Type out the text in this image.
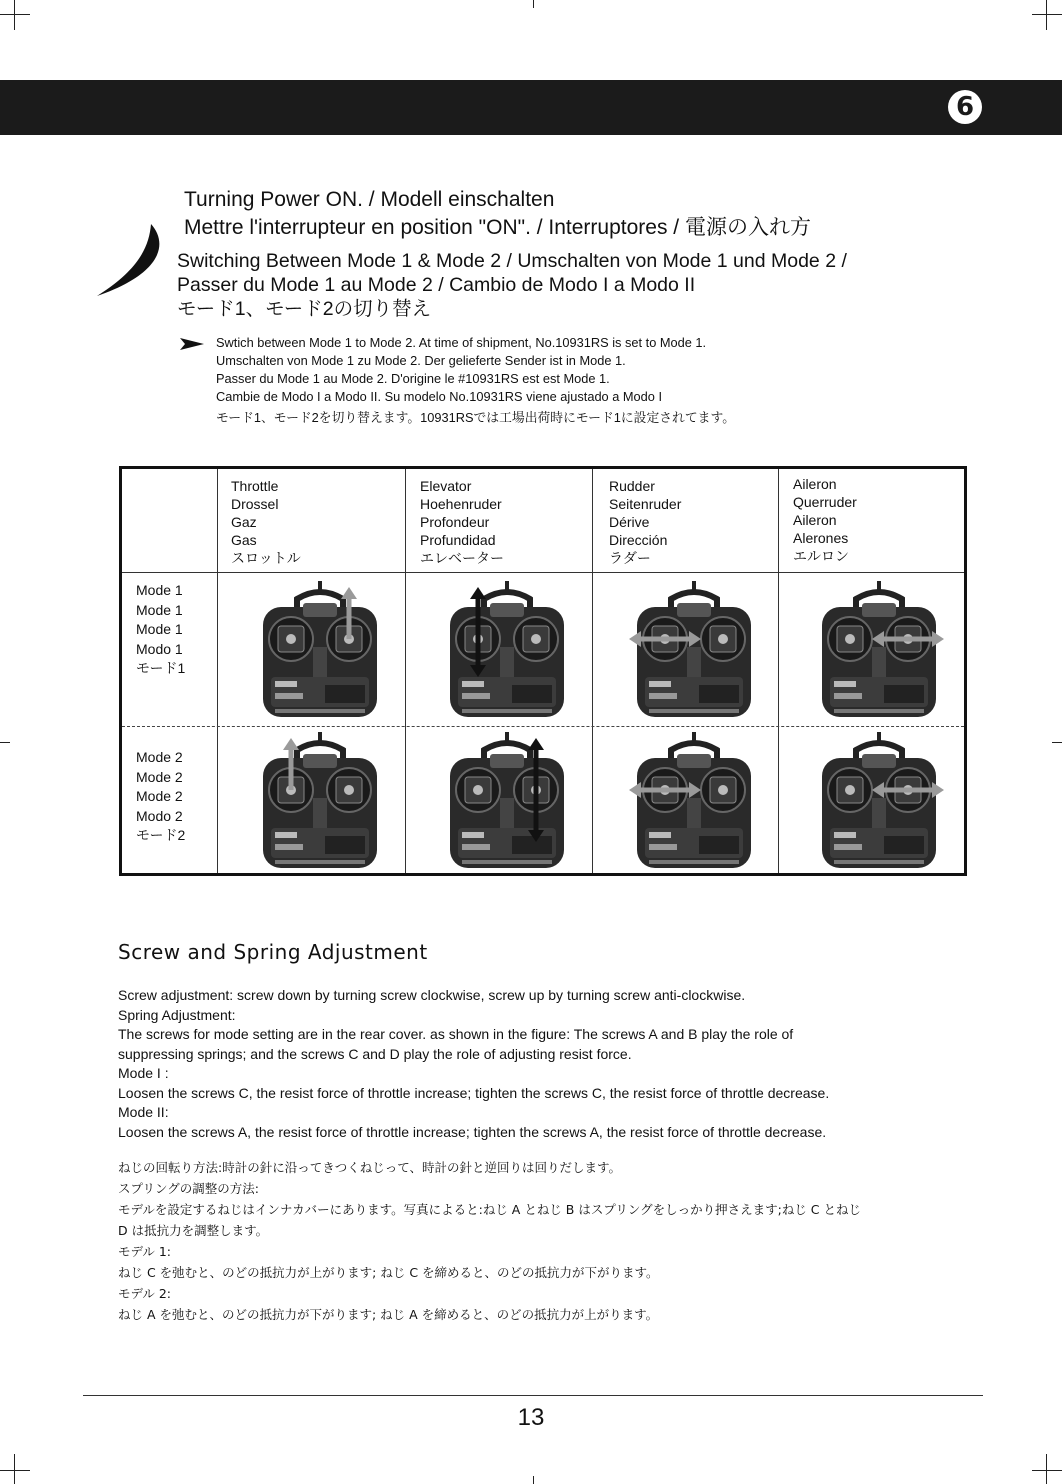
6
Turning Power ON. / Modell einschalten
Mettre l'interrupteur en position "ON". / Interruptores / 電源の入れ方
Switching Between Mode 1 & Mode 2 / Umschalten von Mode 1 und Mode 2 /
Passer du Mode 1 au Mode 2 / Cambio de Modo I a Modo II
モード1、モード2の切り替え
Swtich between Mode 1 to Mode 2. At time of shipment, No.10931RS is set to Mode 1.
Umschalten von Mode 1 zu Mode 2. Der gelieferte Sender ist in Mode 1.
Passer du Mode 1 au Mode 2. D'origine le #10931RS est est Mode 1.
Cambie de Modo I a Modo II. Su modelo No.10931RS viene ajustado a Modo I
モード1、モード2を切り替えます。10931RSでは工場出荷時にモード1に設定されてます。
Throttle
Drossel
Gaz
Gas
スロットル
Elevator
Hoehenruder
Profondeur
Profundidad
エレベーター
Rudder
Seitenruder
Dérive
Dirección
ラダー
Aileron
Querruder
Aileron
Alerones
エルロン
Mode 1
Mode 1
Mode 1
Modo 1
モード1
Mode 2
Mode 2
Mode 2
Modo 2
モード2
Screw and Spring Adjustment
Screw adjustment: screw down by turning screw clockwise, screw up by turning screw anti-clockwise.
Spring Adjustment:
The screws for mode setting are in the rear cover. as shown in the figure: The screws A and B play the role of
suppressing springs; and the screws C and D play the role of adjusting resist force.
Mode I :
Loosen the screws C, the resist force of throttle increase; tighten the screws C, the resist force of throttle decrease.
Mode II:
Loosen the screws A, the resist force of throttle increase; tighten the screws A, the resist force of throttle decrease.
ねじの回転り方法:時計の針に沿ってきつくねじって、時計の針と逆回りは回りだします。
スプリングの調整の方法:
モデルを設定するねじはインナカバーにあります。写真によると:ねじ A とねじ B はスプリングをしっかり押さえます;ねじ C とねじ
D は抵抗力を調整します。
モデル 1:
ねじ C を弛むと、のどの抵抗力が上がります; ねじ C を締めると、のどの抵抗力が下がります。
モデル 2:
ねじ A を弛むと、のどの抵抗力が下がります; ねじ A を締めると、のどの抵抗力が上がります。
13
